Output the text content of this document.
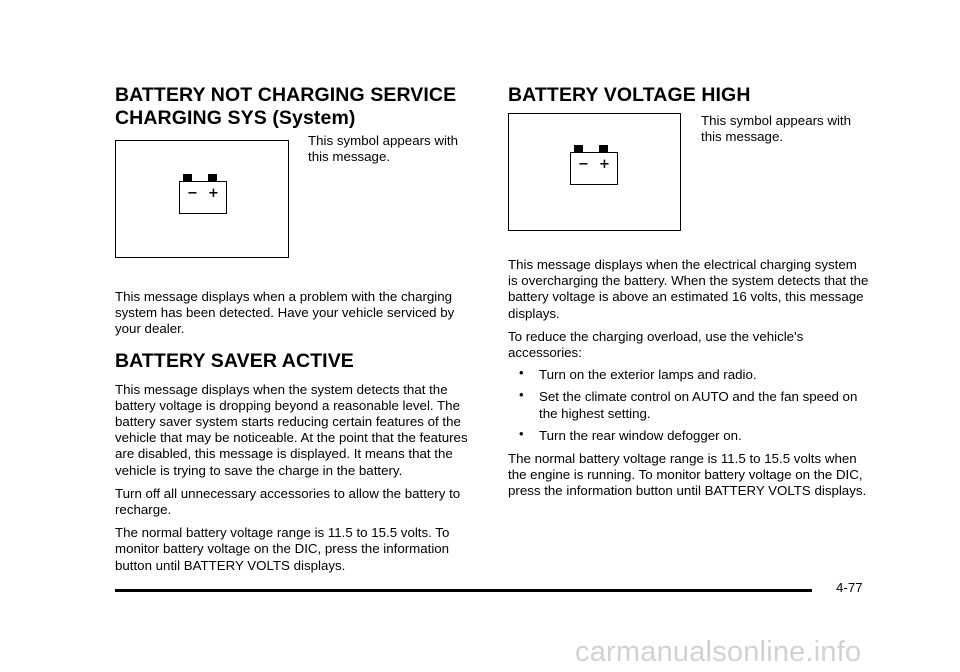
BATTERY NOT CHARGING SERVICE
CHARGING SYS (System)
− +
This symbol appears with this message.

This message displays when a problem with the charging system has been detected. Have your vehicle serviced by your dealer.

BATTERY SAVER ACTIVE

This message displays when the system detects that the battery voltage is dropping beyond a reasonable level. The battery saver system starts reducing certain features of the vehicle that may be noticeable. At the point that the features are disabled, this message is displayed. It means that the vehicle is trying to save the charge in the battery.

Turn off all unnecessary accessories to allow the battery to recharge.

The normal battery voltage range is 11.5 to 15.5 volts. To monitor battery voltage on the DIC, press the information button until BATTERY VOLTS displays.

BATTERY VOLTAGE HIGH
− +
This symbol appears with this message.

This message displays when the electrical charging system is overcharging the battery. When the system detects that the battery voltage is above an estimated 16 volts, this message displays.

To reduce the charging overload, use the vehicle's accessories:

• Turn on the exterior lamps and radio.
• Set the climate control on AUTO and the fan speed on the highest setting.
• Turn the rear window defogger on.

The normal battery voltage range is 11.5 to 15.5 volts when the engine is running. To monitor battery voltage on the DIC, press the information button until BATTERY VOLTS displays.

4-77
carmanualsonline.info
